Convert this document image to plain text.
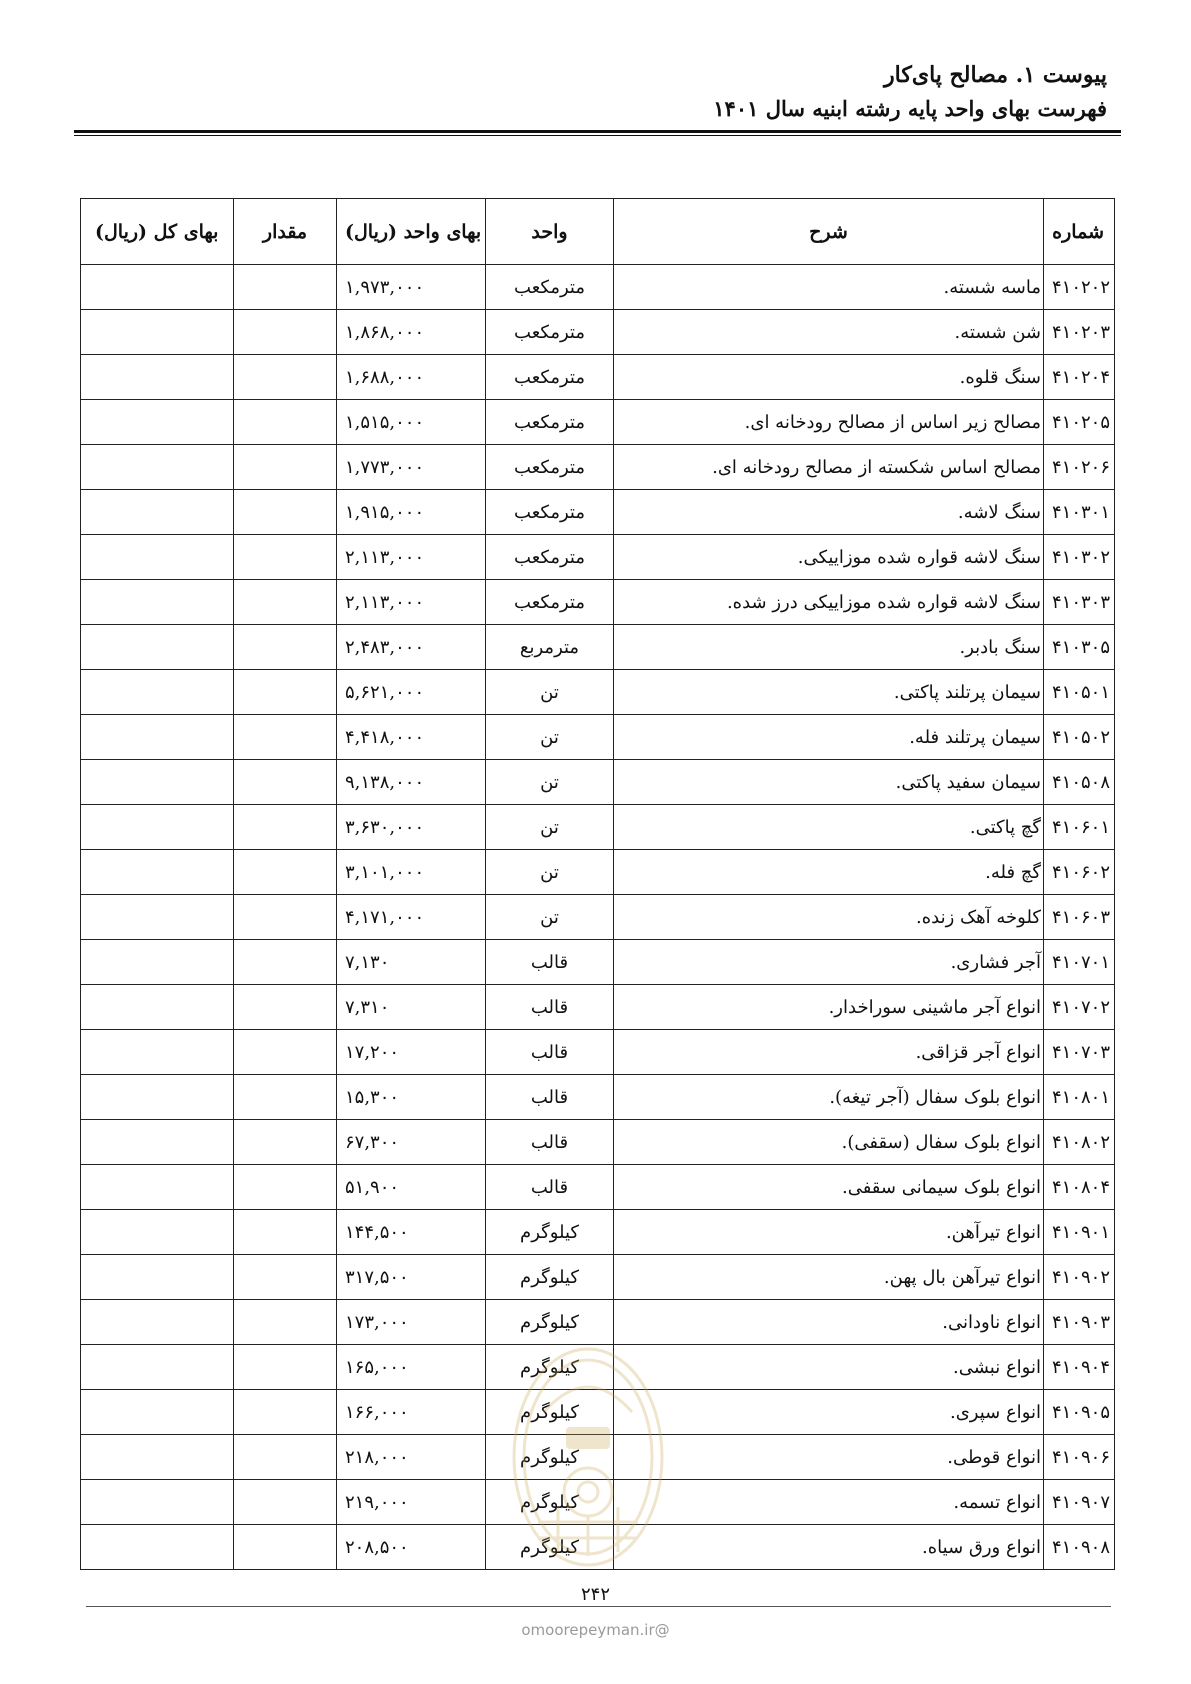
پیوست ۱. مصالح پای‌کار
فهرست بهای واحد پایه رشته ابنیه سال ۱۴۰۱
شماره	شرح	واحد	بهای واحد (ریال)	مقدار	بهای کل (ریال)
۴۱۰۲۰۲	ماسه شسته.	مترمکعب	۱,۹۷۳,۰۰۰		
۴۱۰۲۰۳	شن شسته.	مترمکعب	۱,۸۶۸,۰۰۰		
۴۱۰۲۰۴	سنگ قلوه.	مترمکعب	۱,۶۸۸,۰۰۰		
۴۱۰۲۰۵	مصالح زیر اساس از مصالح رودخانه ای.	مترمکعب	۱,۵۱۵,۰۰۰		
۴۱۰۲۰۶	مصالح اساس شکسته از مصالح رودخانه ای.	مترمکعب	۱,۷۷۳,۰۰۰		
۴۱۰۳۰۱	سنگ لاشه.	مترمکعب	۱,۹۱۵,۰۰۰		
۴۱۰۳۰۲	سنگ لاشه قواره شده موزاییکی.	مترمکعب	۲,۱۱۳,۰۰۰		
۴۱۰۳۰۳	سنگ لاشه قواره شده موزاییکی درز شده.	مترمکعب	۲,۱۱۳,۰۰۰		
۴۱۰۳۰۵	سنگ بادبر.	مترمربع	۲,۴۸۳,۰۰۰		
۴۱۰۵۰۱	سیمان پرتلند پاکتی.	تن	۵,۶۲۱,۰۰۰		
۴۱۰۵۰۲	سیمان پرتلند فله.	تن	۴,۴۱۸,۰۰۰		
۴۱۰۵۰۸	سیمان سفید پاکتی.	تن	۹,۱۳۸,۰۰۰		
۴۱۰۶۰۱	گچ پاکتی.	تن	۳,۶۳۰,۰۰۰		
۴۱۰۶۰۲	گچ فله.	تن	۳,۱۰۱,۰۰۰		
۴۱۰۶۰۳	کلوخه آهک زنده.	تن	۴,۱۷۱,۰۰۰		
۴۱۰۷۰۱	آجر فشاری.	قالب	۷,۱۳۰		
۴۱۰۷۰۲	انواع آجر ماشینی سوراخدار.	قالب	۷,۳۱۰		
۴۱۰۷۰۳	انواع آجر قزاقی.	قالب	۱۷,۲۰۰		
۴۱۰۸۰۱	انواع بلوک سفال (آجر تیغه).	قالب	۱۵,۳۰۰		
۴۱۰۸۰۲	انواع بلوک سفال (سقفی).	قالب	۶۷,۳۰۰		
۴۱۰۸۰۴	انواع بلوک سیمانی سقفی.	قالب	۵۱,۹۰۰		
۴۱۰۹۰۱	انواع تیرآهن.	کیلوگرم	۱۴۴,۵۰۰		
۴۱۰۹۰۲	انواع تیرآهن بال پهن.	کیلوگرم	۳۱۷,۵۰۰		
۴۱۰۹۰۳	انواع ناودانی.	کیلوگرم	۱۷۳,۰۰۰		
۴۱۰۹۰۴	انواع نبشی.	کیلوگرم	۱۶۵,۰۰۰		
۴۱۰۹۰۵	انواع سپری.	کیلوگرم	۱۶۶,۰۰۰		
۴۱۰۹۰۶	انواع قوطی.	کیلوگرم	۲۱۸,۰۰۰		
۴۱۰۹۰۷	انواع تسمه.	کیلوگرم	۲۱۹,۰۰۰		
۴۱۰۹۰۸	انواع ورق سیاه.	کیلوگرم	۲۰۸,۵۰۰		
۲۴۲
@omoorepeyman.ir
